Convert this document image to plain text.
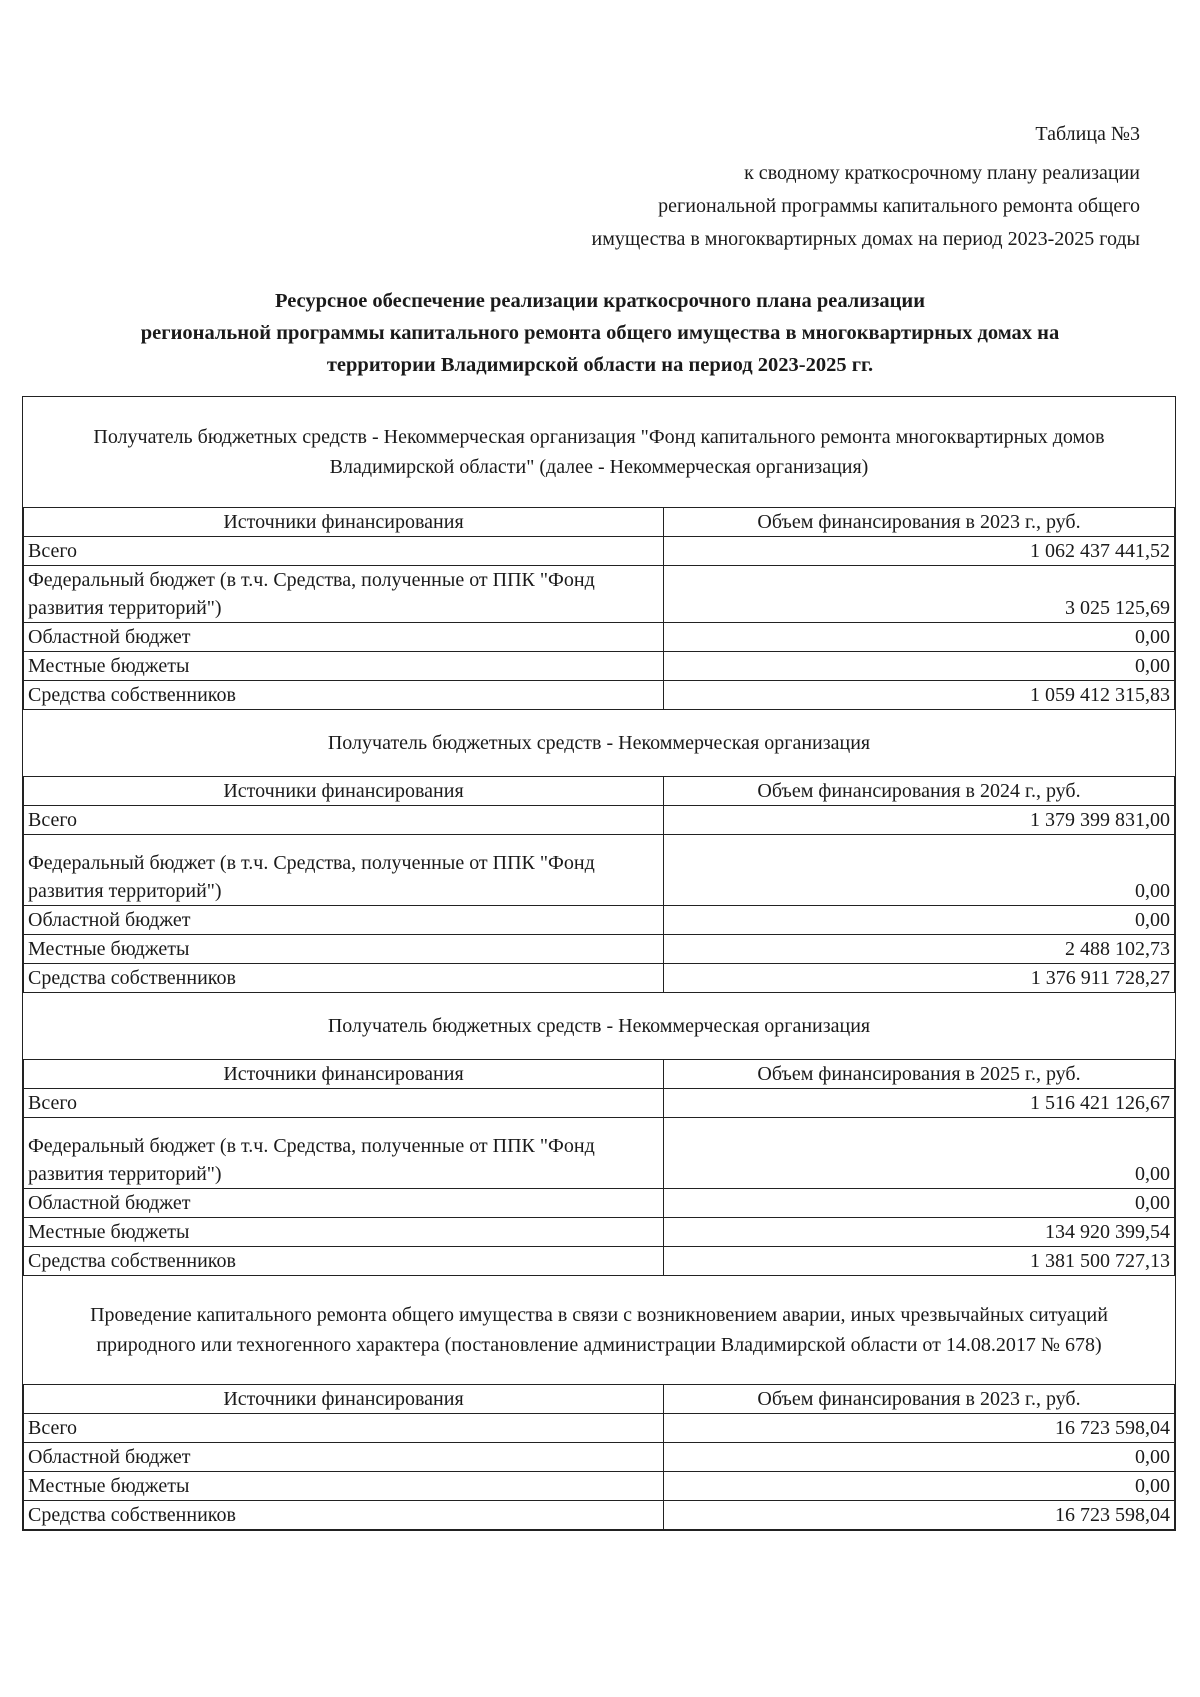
Таблица №3
к сводному краткосрочному плану реализации
региональной программы капитального ремонта общего
имущества в многоквартирных домах на период 2023-2025 годы
Ресурсное обеспечение реализации краткосрочного плана реализации
региональной программы капитального ремонта общего имущества в многоквартирных домах на
территории Владимирской области на период 2023-2025 гг.
Получатель бюджетных средств - Некоммерческая организация "Фонд капитального ремонта многоквартирных домов Владимирской области" (далее - Некоммерческая организация)
Источники финансирования	Объем финансирования в 2023 г., руб.
Всего	1 062 437 441,52
Федеральный бюджет (в т.ч. Средства, полученные от ППК "Фонд развития территорий")	3 025 125,69
Областной бюджет	0,00
Местные бюджеты	0,00
Средства собственников	1 059 412 315,83
Получатель бюджетных средств - Некоммерческая организация
Источники финансирования	Объем финансирования в 2024 г., руб.
Всего	1 379 399 831,00
Федеральный бюджет (в т.ч. Средства, полученные от ППК "Фонд развития территорий")	0,00
Областной бюджет	0,00
Местные бюджеты	2 488 102,73
Средства собственников	1 376 911 728,27
Получатель бюджетных средств - Некоммерческая организация
Источники финансирования	Объем финансирования в 2025 г., руб.
Всего	1 516 421 126,67
Федеральный бюджет (в т.ч. Средства, полученные от ППК "Фонд развития территорий")	0,00
Областной бюджет	0,00
Местные бюджеты	134 920 399,54
Средства собственников	1 381 500 727,13
Проведение капитального ремонта общего имущества в связи с возникновением аварии, иных чрезвычайных ситуаций природного или техногенного характера (постановление администрации Владимирской области от 14.08.2017 № 678)
Источники финансирования	Объем финансирования в 2023 г., руб.
Всего	16 723 598,04
Областной бюджет	0,00
Местные бюджеты	0,00
Средства собственников	16 723 598,04
